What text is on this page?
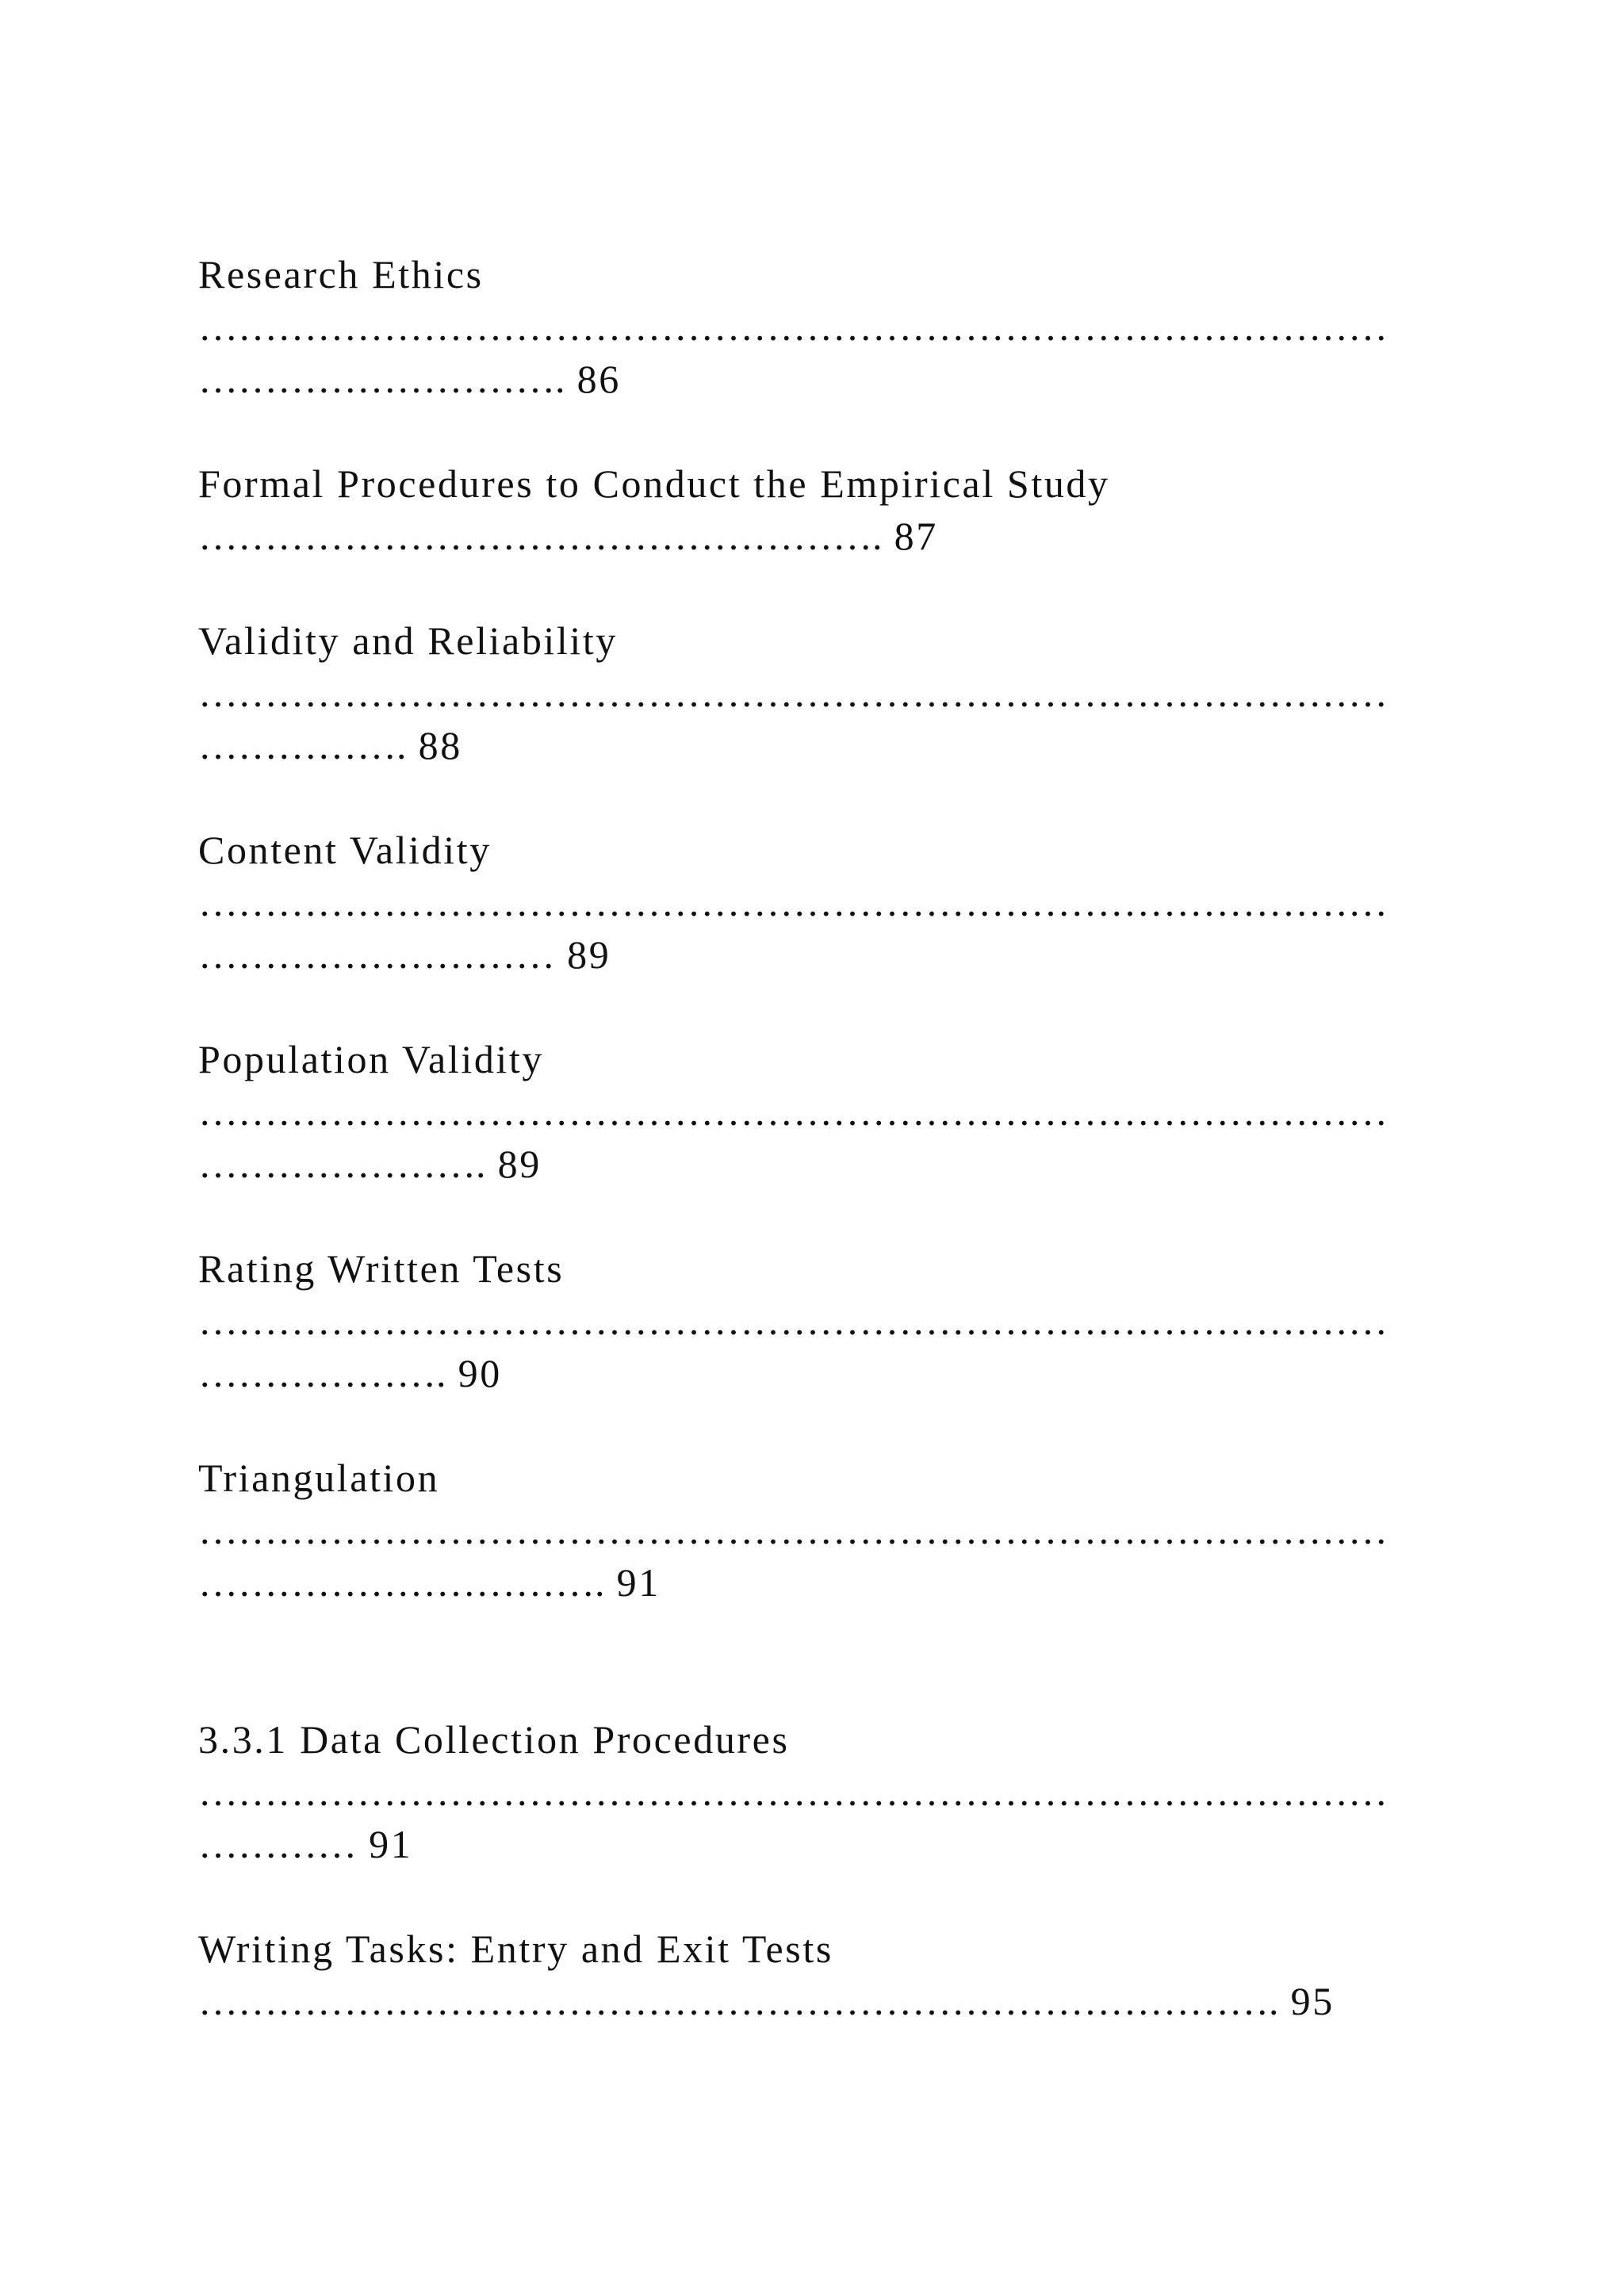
Research Ethics

………………………………………………………………………………

………………………. 86

Formal Procedures to Conduct the Empirical Study

……………………………………………. 87

Validity and Reliability

………………………………………………………………………………

……………. 88

Content Validity

………………………………………………………………………………

……………………… 89

Population Validity

………………………………………………………………………………

…………………. 89

Rating Written Tests

………………………………………………………………………………

………………. 90

Triangulation

………………………………………………………………………………

…………………………. 91

3.3.1 Data Collection Procedures

………………………………………………………………………………

………… 91

Writing Tasks: Entry and Exit Tests

………………………………………………………………………. 95
